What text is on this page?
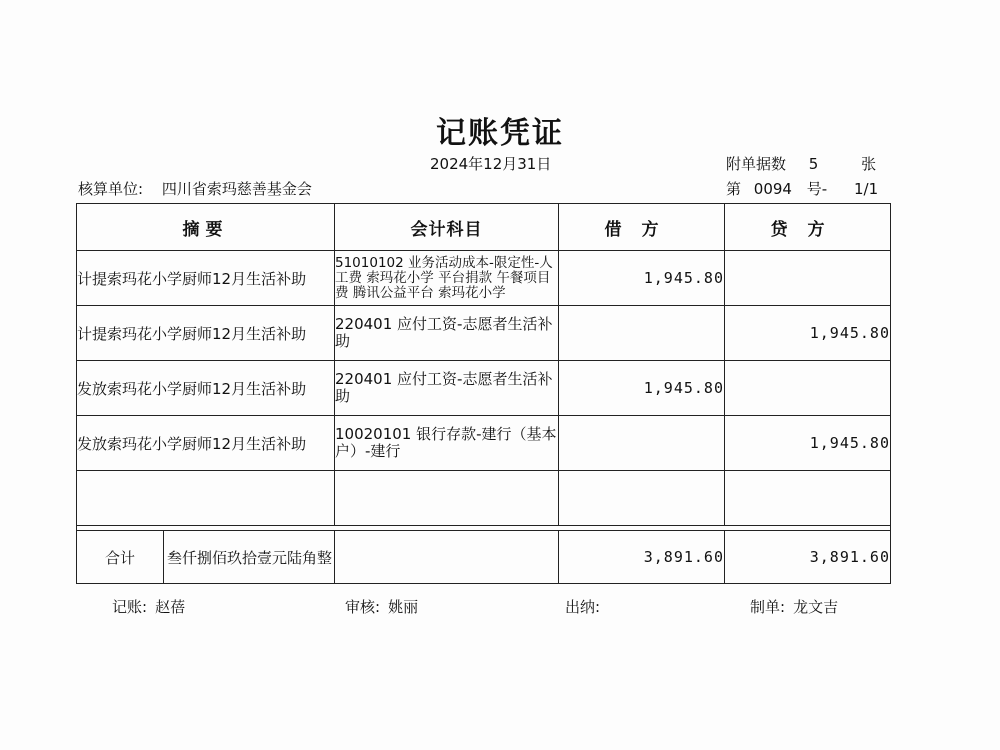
记账凭证
2024年12月31日	附单据数 5	张
核算单位: 四川省索玛慈善基金会	第 0094 号- 1/1
摘要	会计科目	借方	贷方
计提索玛花小学厨师12月生活补助	51010102 业务活动成本-限定性-人工费 索玛花小学 平台捐款 午餐项目费 腾讯公益平台 索玛花小学	1,945.80	
计提索玛花小学厨师12月生活补助	220401 应付工资-志愿者生活补助		1,945.80
发放索玛花小学厨师12月生活补助	220401 应付工资-志愿者生活补助	1,945.80	
发放索玛花小学厨师12月生活补助	10020101 银行存款-建行（基本户）-建行		1,945.80

合计 叁仟捌佰玖拾壹元陆角整		3,891.60	3,891.60
记账: 赵蓓	审核: 姚丽	出纳:	制单: 龙文吉
